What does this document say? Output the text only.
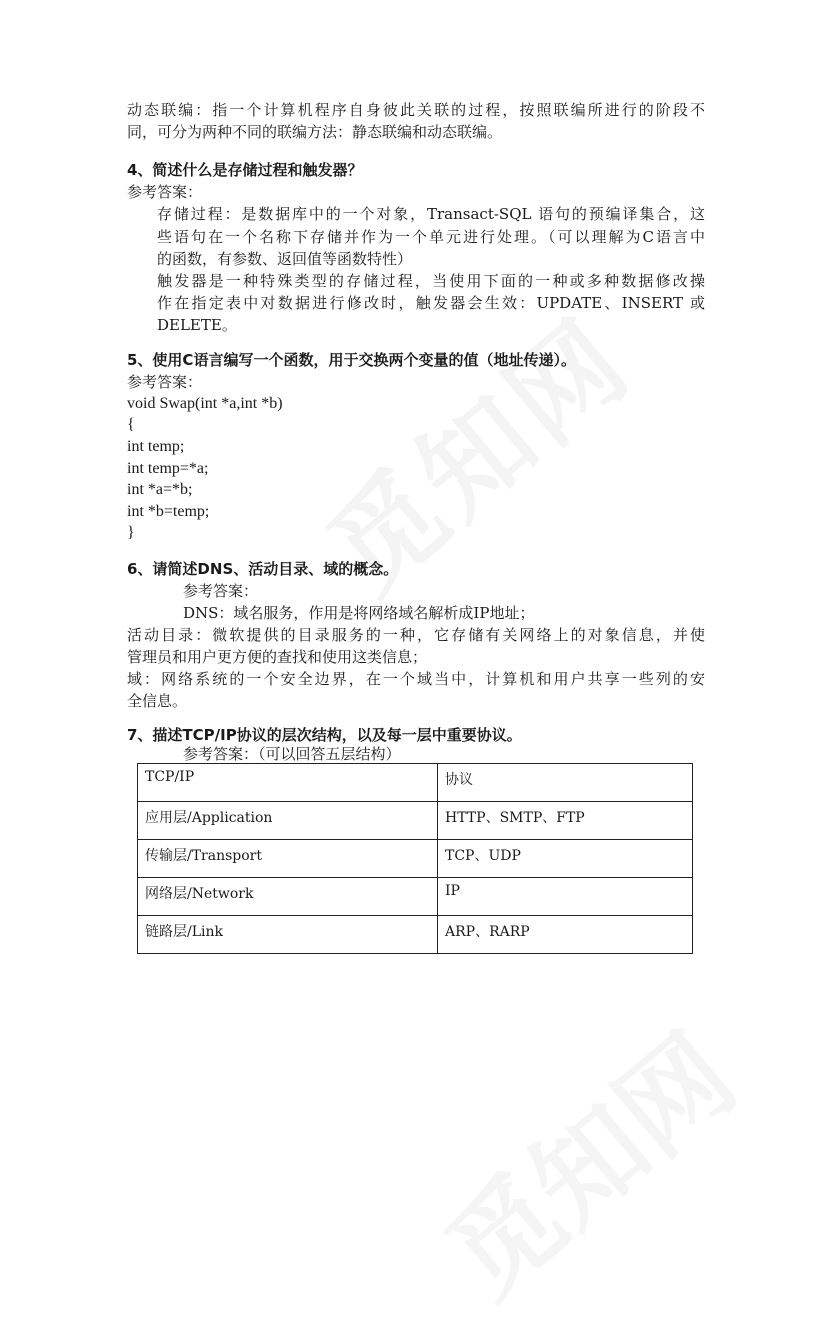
动态联编：指一个计算机程序自身彼此关联的过程，按照联编所进行的阶段不
同，可分为两种不同的联编方法：静态联编和动态联编。
4、简述什么是存储过程和触发器？
参考答案：
存储过程：是数据库中的一个对象，Transact-SQL 语句的预编译集合，这
些语句在一个名称下存储并作为一个单元进行处理。（可以理解为C语言中
的函数，有参数、返回值等函数特性）
触发器是一种特殊类型的存储过程，当使用下面的一种或多种数据修改操
作在指定表中对数据进行修改时，触发器会生效：UPDATE、INSERT 或
DELETE。
5、使用C语言编写一个函数，用于交换两个变量的值（地址传递）。
参考答案：
void Swap(int *a,int *b)
{
int temp;
int temp=*a;
int *a=*b;
int *b=temp;
}
6、请简述DNS、活动目录、域的概念。
参考答案：
DNS：域名服务，作用是将网络域名解析成IP地址；
活动目录：微软提供的目录服务的一种，它存储有关网络上的对象信息，并使
管理员和用户更方便的查找和使用这类信息；
域：网络系统的一个安全边界，在一个域当中，计算机和用户共享一些列的安
全信息。
7、描述TCP/IP协议的层次结构，以及每一层中重要协议。
参考答案：（可以回答五层结构）
TCP/IP	协议
应用层/Application	HTTP、SMTP、FTP
传输层/Transport	TCP、UDP
网络层/Network	IP
链路层/Link	ARP、RARP
